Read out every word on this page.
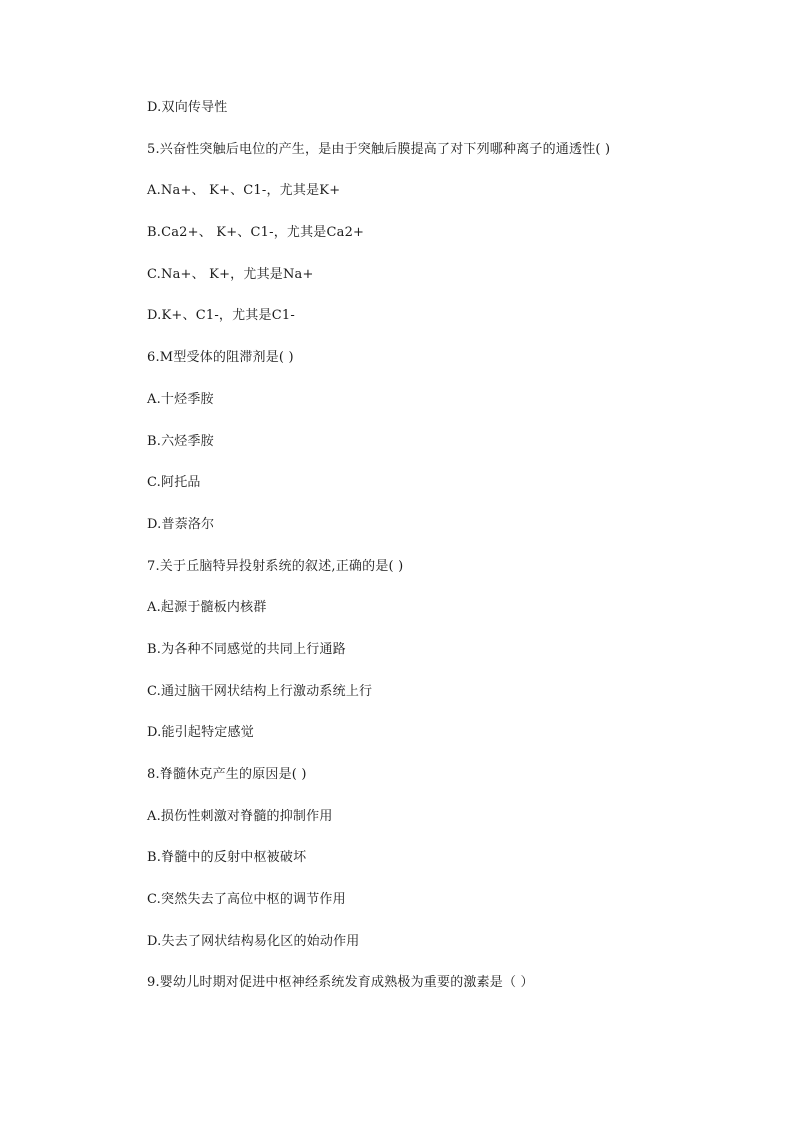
D.双向传导性
5.兴奋性突触后电位的产生，是由于突触后膜提高了对下列哪种离子的通透性( )
A.Na+、 K+、C1-，尤其是K+
B.Ca2+、 K+、C1-，尤其是Ca2+
C.Na+、 K+，尤其是Na+
D.K+、C1-，尤其是C1-
6.M型受体的阻滞剂是( )
A.十烃季胺
B.六烃季胺
C.阿托品
D.普萘洛尔
7.关于丘脑特异投射系统的叙述,正确的是( )
A.起源于髓板内核群
B.为各种不同感觉的共同上行通路
C.通过脑干网状结构上行激动系统上行
D.能引起特定感觉
8.脊髓休克产生的原因是( )
A.损伤性刺激对脊髓的抑制作用
B.脊髓中的反射中枢被破坏
C.突然失去了高位中枢的调节作用
D.失去了网状结构易化区的始动作用
9.婴幼儿时期对促进中枢神经系统发育成熟极为重要的激素是（ ）
